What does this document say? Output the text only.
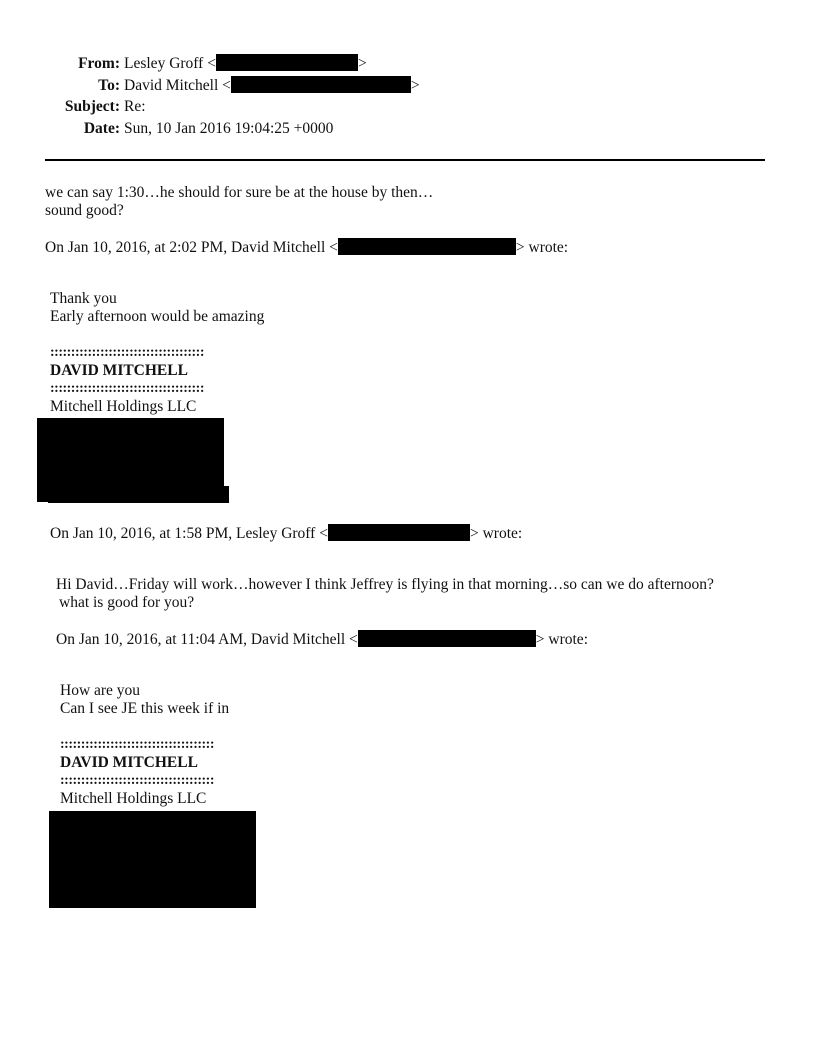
From: Lesley Groff <	>
To: David Mitchell <	>
Subject: Re:
Date: Sun, 10 Jan 2016 19:04:25 +0000
we can say 1:30…he should for sure be at the house by then…
sound good?
On Jan 10, 2016, at 2:02 PM, David Mitchell <	> wrote:
Thank you
Early afternoon would be amazing
:::::::::::::::::::::::::::::::::::::
DAVID MITCHELL
:::::::::::::::::::::::::::::::::::::
Mitchell Holdings LLC
On Jan 10, 2016, at 1:58 PM, Lesley Groff <	> wrote:
Hi David…Friday will work…however I think Jeffrey is flying in that morning…so can we do afternoon?
what is good for you?
On Jan 10, 2016, at 11:04 AM, David Mitchell <	> wrote:
How are you
Can I see JE this week if in
:::::::::::::::::::::::::::::::::::::
DAVID MITCHELL
:::::::::::::::::::::::::::::::::::::
Mitchell Holdings LLC
